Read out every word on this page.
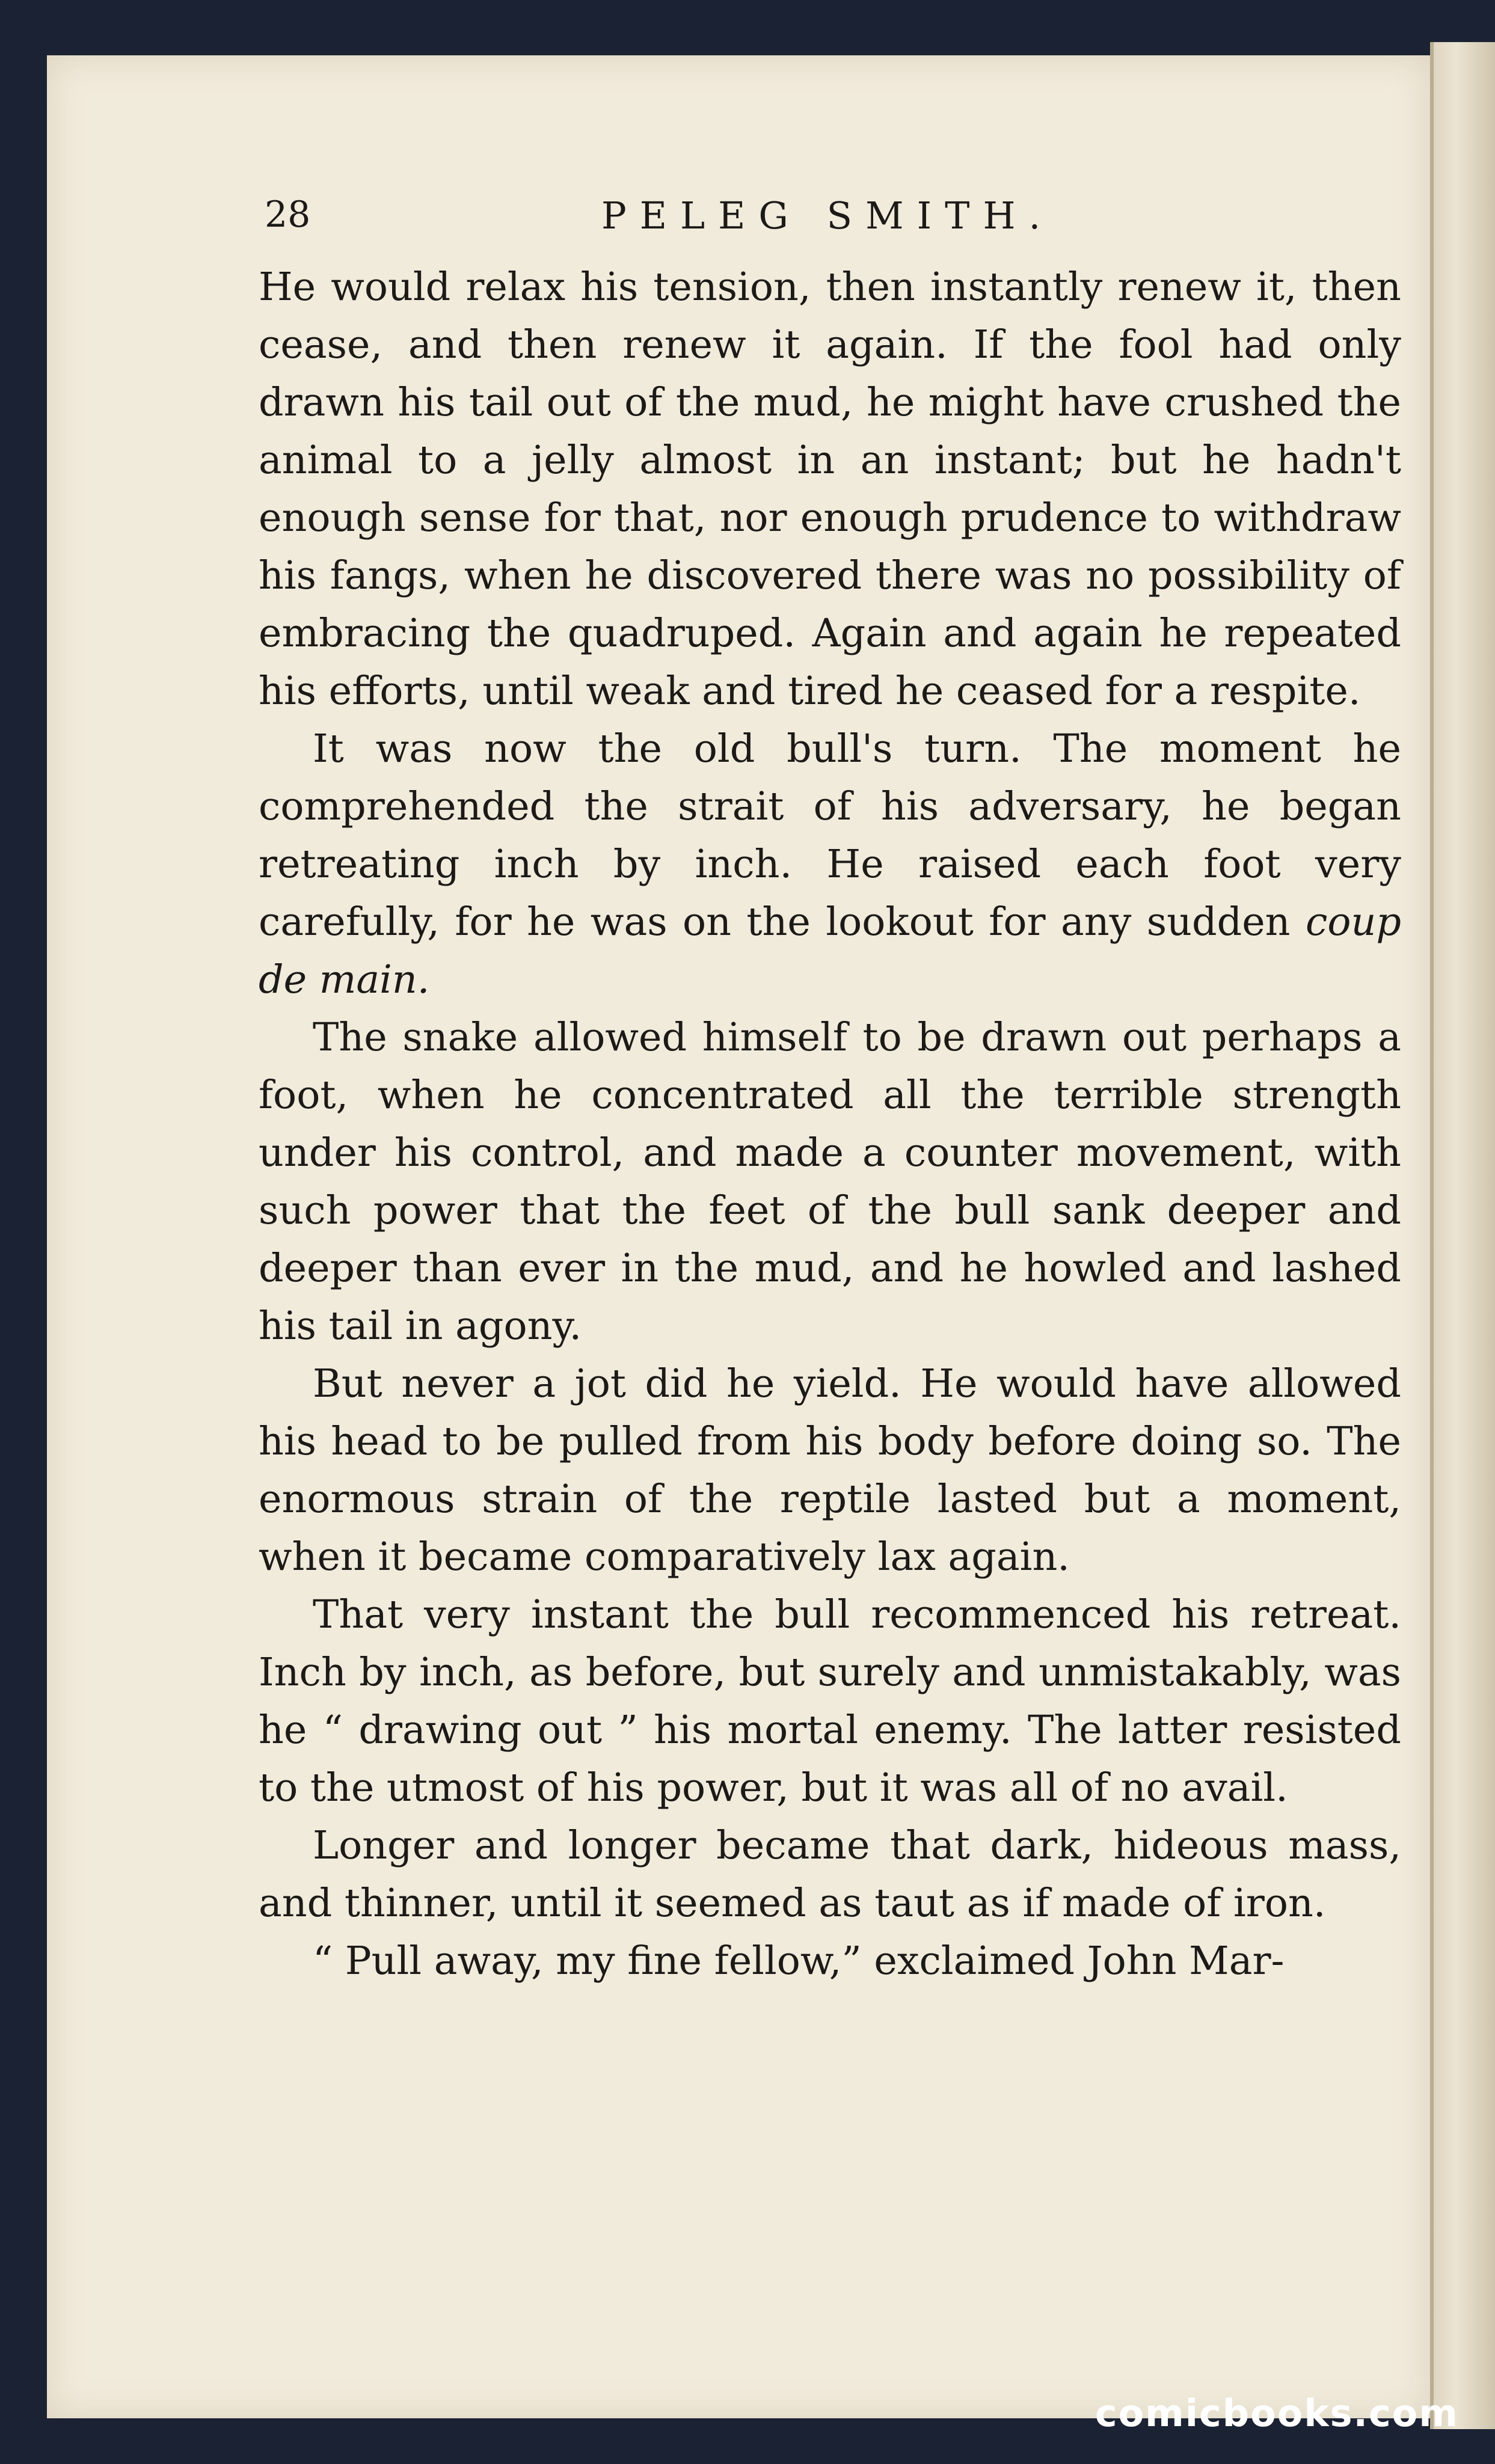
28	PELEG SMITH.

He would relax his tension, then instantly renew it, then cease, and then renew it again. If the fool had only drawn his tail out of the mud, he might have crushed the animal to a jelly almost in an instant; but he hadn't enough sense for that, nor enough prudence to withdraw his fangs, when he discovered there was no possibility of embracing the quadruped. Again and again he repeated his efforts, until weak and tired he ceased for a respite.

It was now the old bull's turn. The moment he comprehended the strait of his adversary, he began retreating inch by inch. He raised each foot very carefully, for he was on the lookout for any sudden coup de main.

The snake allowed himself to be drawn out perhaps a foot, when he concentrated all the terrible strength under his control, and made a counter movement, with such power that the feet of the bull sank deeper and deeper than ever in the mud, and he howled and lashed his tail in agony.

But never a jot did he yield. He would have allowed his head to be pulled from his body before doing so. The enormous strain of the reptile lasted but a moment, when it became comparatively lax again.

That very instant the bull recommenced his retreat. Inch by inch, as before, but surely and unmistakably, was he “ drawing out ” his mortal enemy. The latter resisted to the utmost of his power, but it was all of no avail.

Longer and longer became that dark, hideous mass, and thinner, until it seemed as taut as if made of iron.

“ Pull away, my fine fellow,” exclaimed John Mar-

comicbooks.com
